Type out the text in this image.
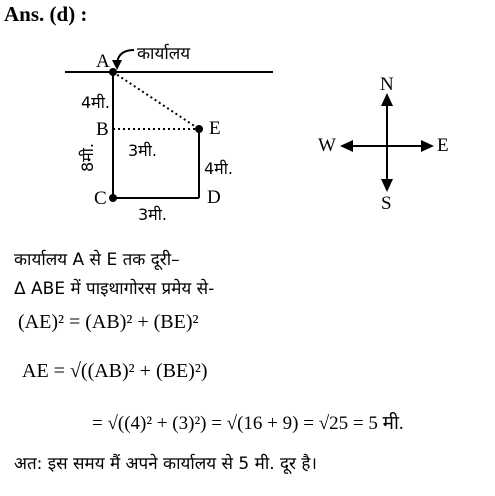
Ans. (d) :
A
B
C	D
E
कार्यालय
4मी.
8मी. 3मी.
4मी.
3मी.
N
S
E
W
कार्यालय A से E तक दूरी–
Δ ABE में पाइथागोरस प्रमेय से-
(AE)² = (AB)² + (BE)²
AE = √((AB)² + (BE)²)
= √((4)² + (3)²) = √(16 + 9) = √25 = 5 मी.
अत: इस समय मैं अपने कार्यालय से 5 मी. दूर है।
